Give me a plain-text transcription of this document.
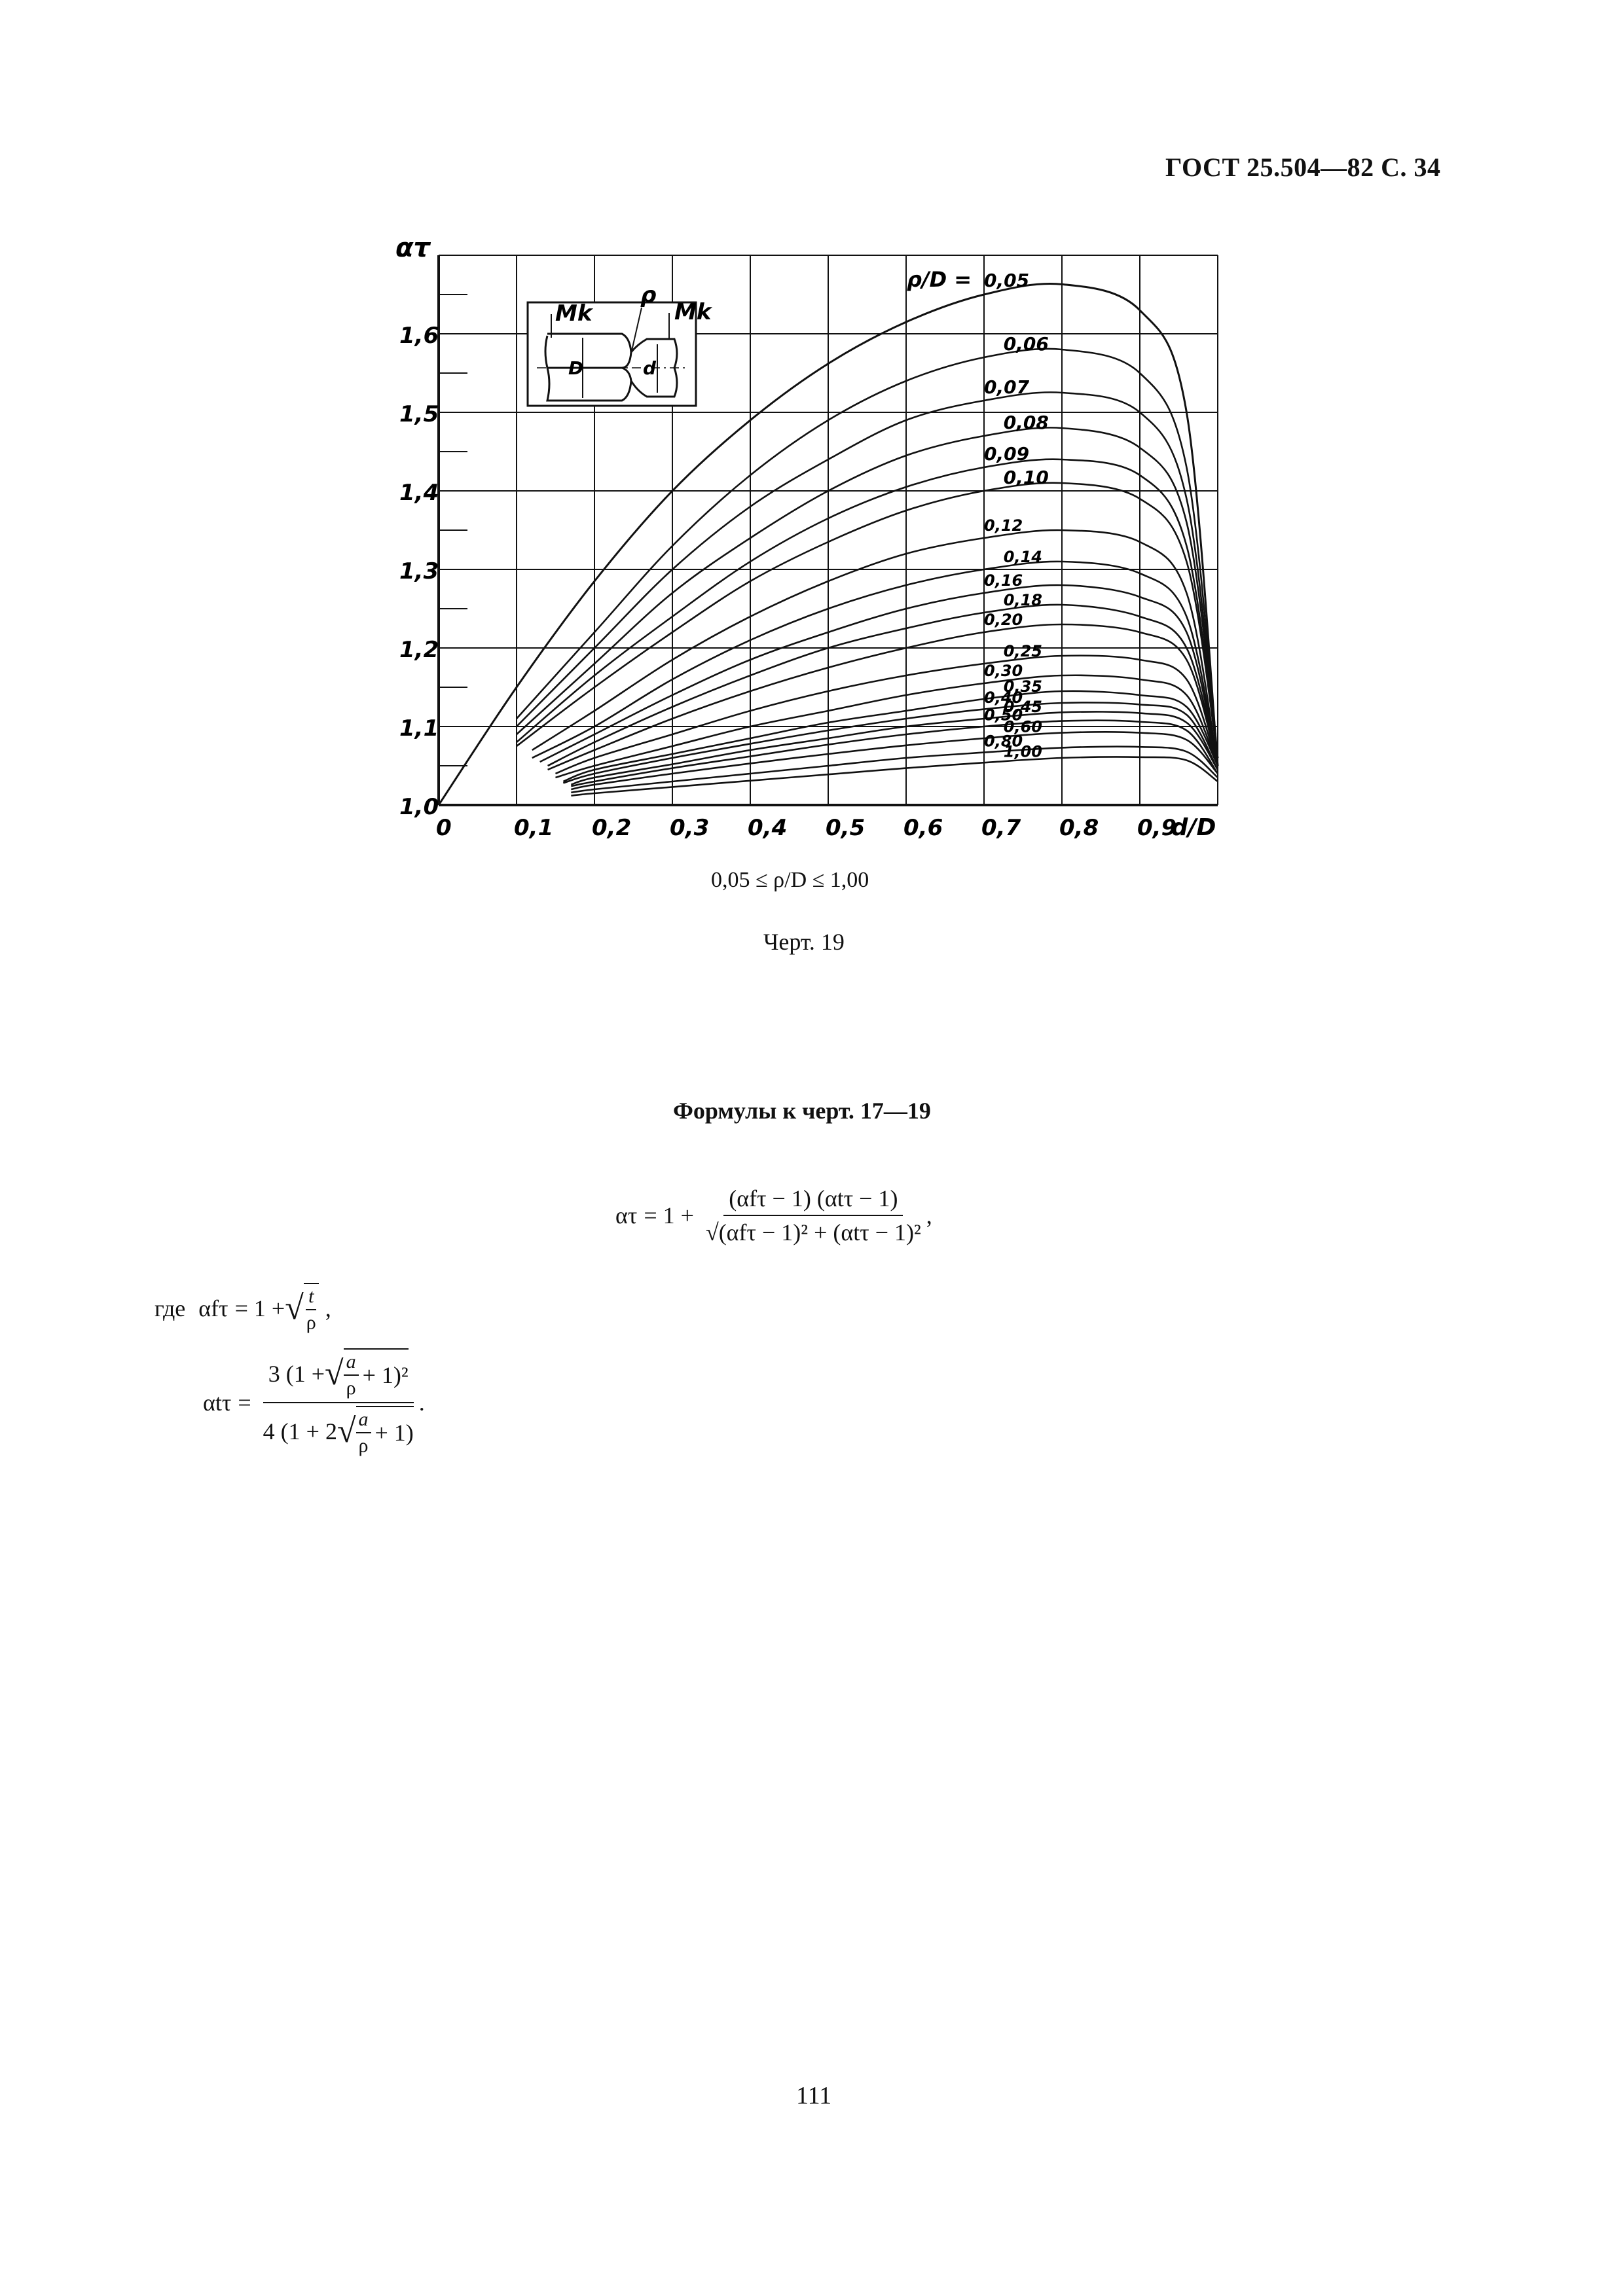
ГОСТ 25.504—82 С. 34
0	0,1 0,2 0,3 0,4 0,5 0,6 0,7 0,8 0,9
1,0
1,1
1,2
1,3
1,4
1,5
1,6
0,05
0,06
0,07
0,08
0,09
0,10
0,12
0,14
0,16
0,18
0,20
0,25
0,30
0,35
0,40
0,45
0,50
0,60
0,80
1,00
Mk	Mk
ρ
D	d
ρ/D =
ατ
d/D
0,05 ≤ ρ/D ≤ 1,00
Черт. 19
Формулы к черт. 17—19
$\alpha\tau = 1 + \frac{\text{(αfτ − 1) (αtτ − 1)}}{\text{√(αfτ − 1)² + (αtτ − 1)²}}$ ,
где αfτ = 1 + √ $\frac{t}{\rho}$ ,
αtτ =
3 (1 + √ $\frac{a}{\rho} + 1)^2$
4 (1 + 2 √ $\frac{a}{\rho} + 1$)
.
111
